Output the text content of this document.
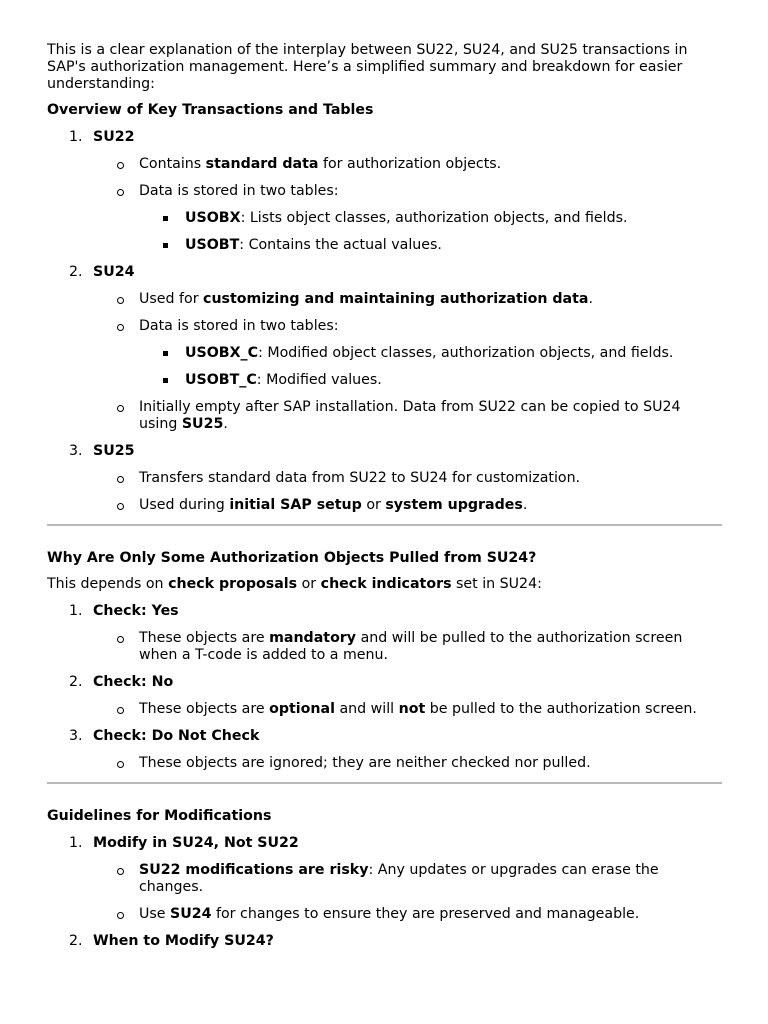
This is a clear explanation of the interplay between SU22, SU24, and SU25 transactions in SAP's authorization management. Here’s a simplified summary and breakdown for easier understanding:

Overview of Key Transactions and Tables

1. SU22
Contains standard data for authorization objects.
Data is stored in two tables:
USOBX: Lists object classes, authorization objects, and fields.
USOBT: Contains the actual values.
2. SU24
Used for customizing and maintaining authorization data.
Data is stored in two tables:
USOBX_C: Modified object classes, authorization objects, and fields.
USOBT_C: Modified values.
Initially empty after SAP installation. Data from SU22 can be copied to SU24 using SU25.
3. SU25
Transfers standard data from SU22 to SU24 for customization.
Used during initial SAP setup or system upgrades.

Why Are Only Some Authorization Objects Pulled from SU24?

This depends on check proposals or check indicators set in SU24:

1. Check: Yes
These objects are mandatory and will be pulled to the authorization screen when a T-code is added to a menu.
2. Check: No
These objects are optional and will not be pulled to the authorization screen.
3. Check: Do Not Check
These objects are ignored; they are neither checked nor pulled.

Guidelines for Modifications

1. Modify in SU24, Not SU22
SU22 modifications are risky: Any updates or upgrades can erase the changes.
Use SU24 for changes to ensure they are preserved and manageable.
2. When to Modify SU24?
